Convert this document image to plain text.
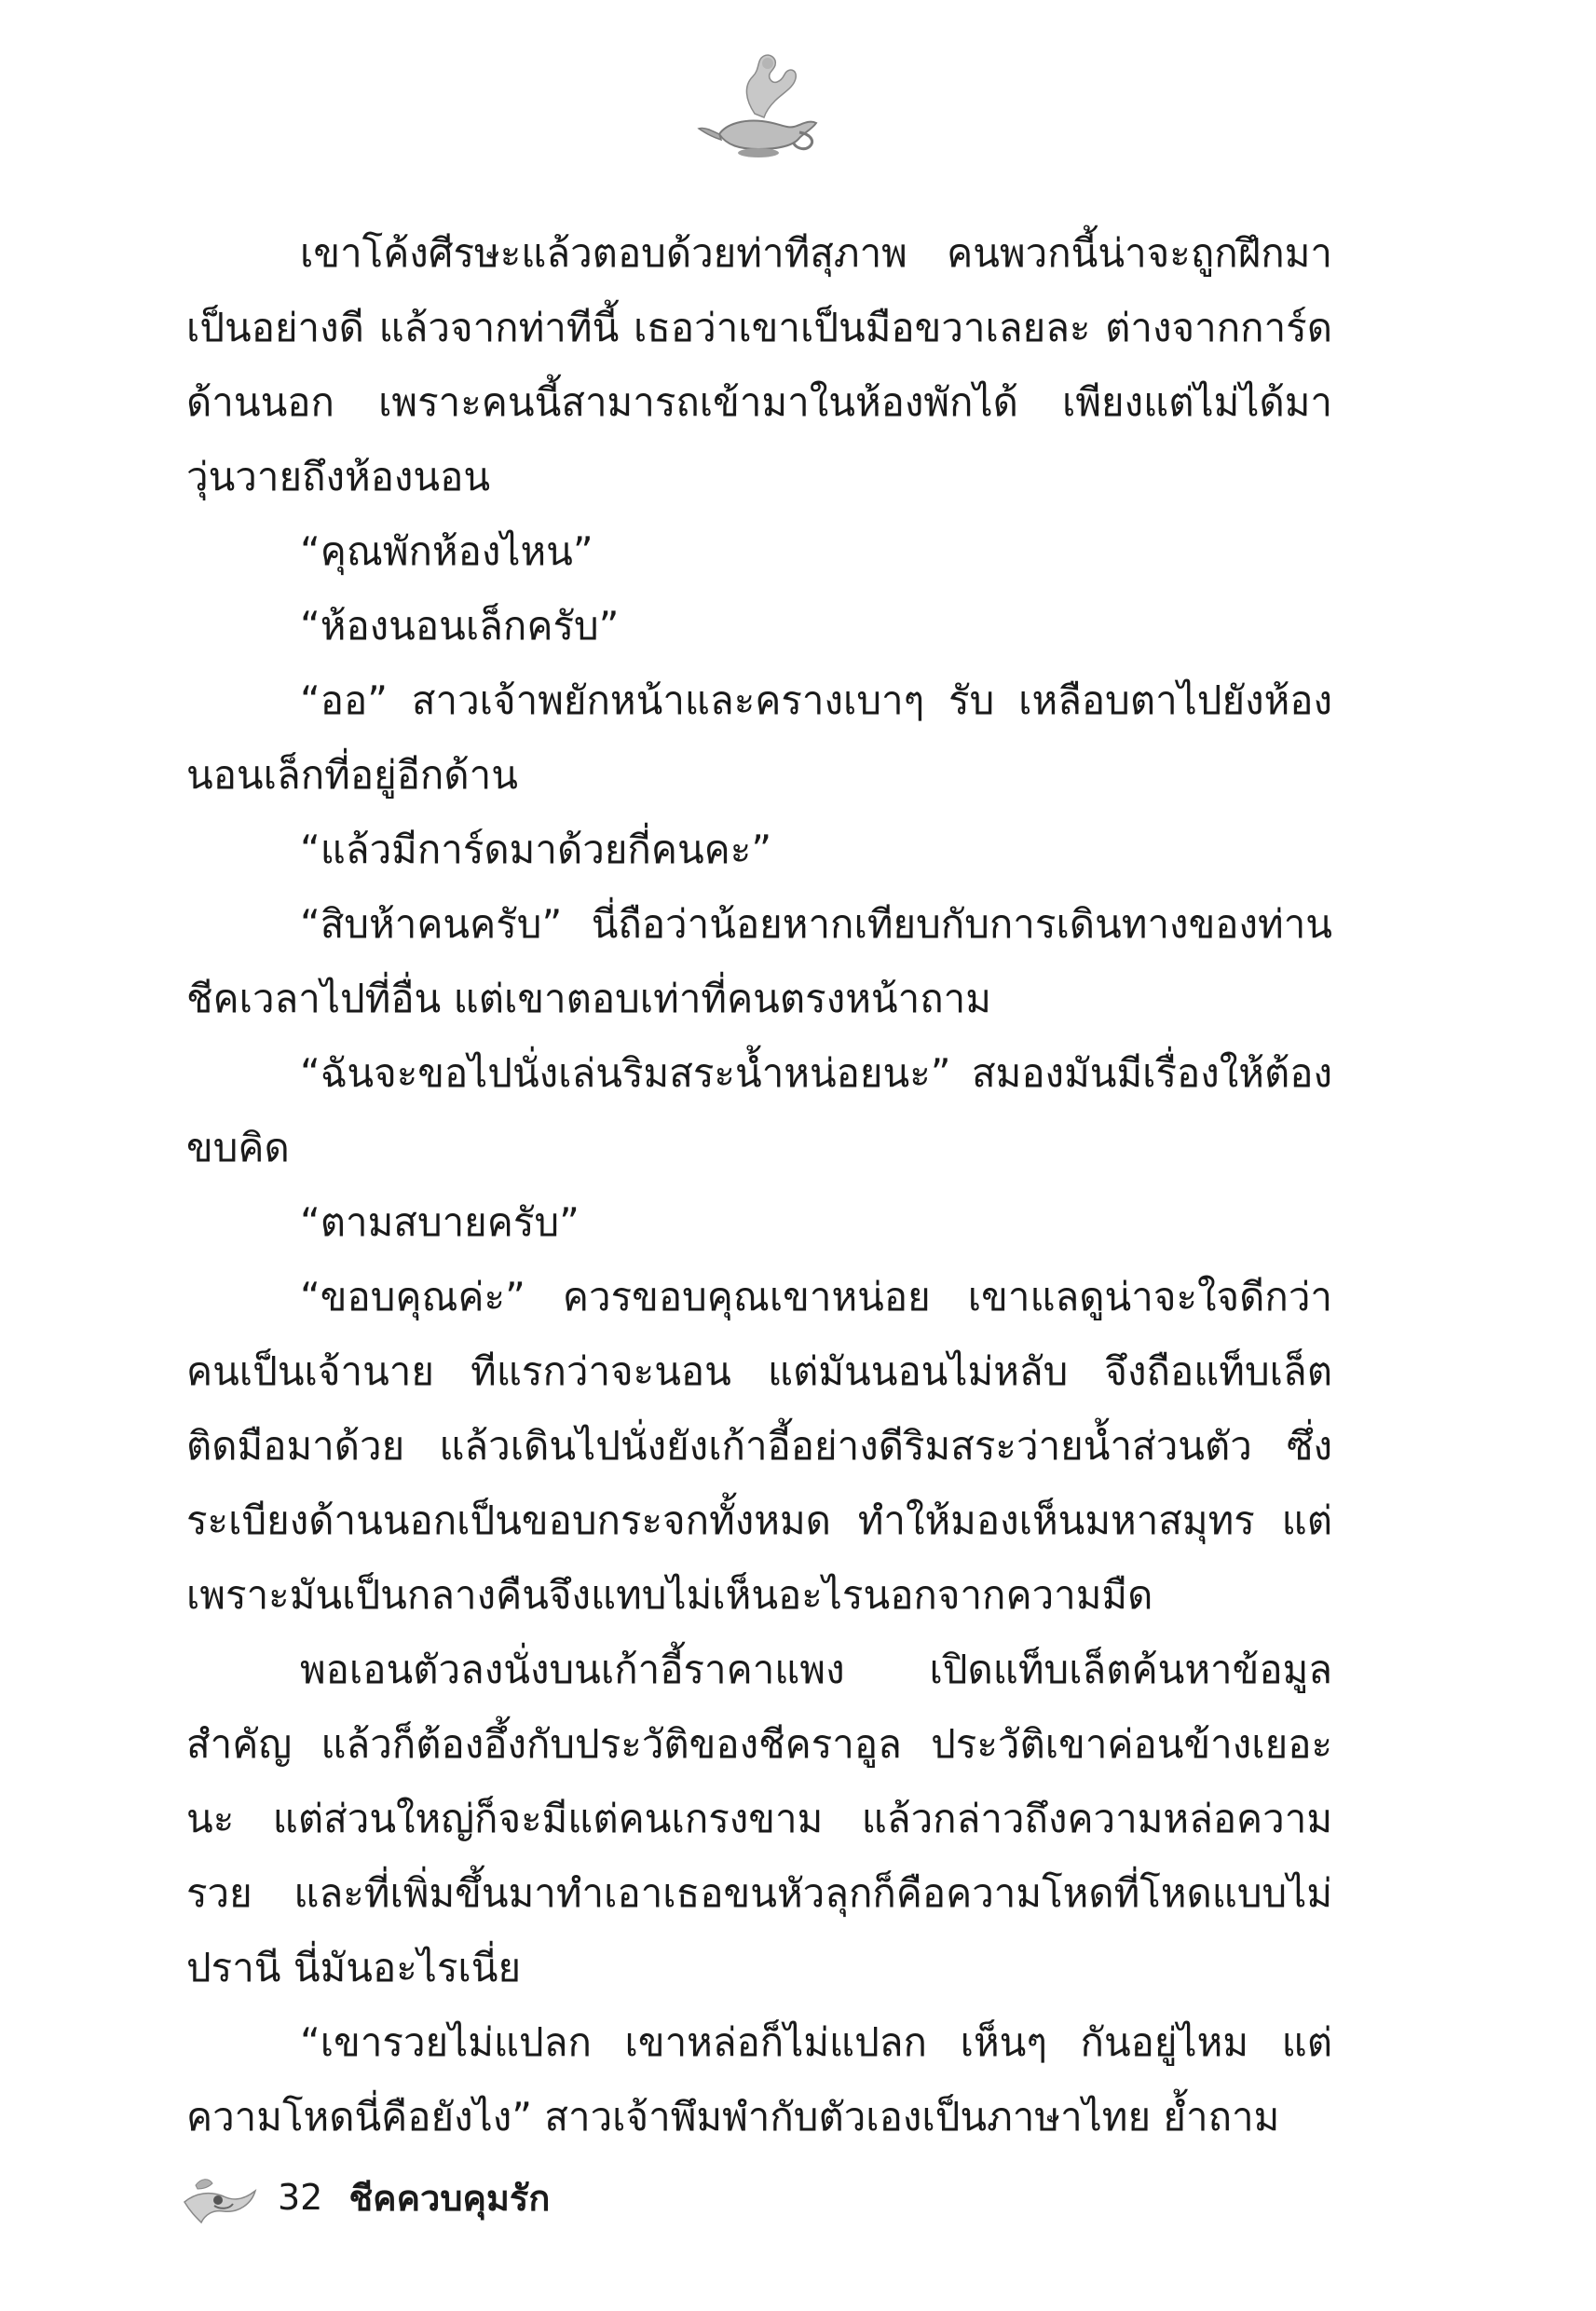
เขาโค้งศีรษะแล้วตอบด้วยท่าทีสุภาพ คนพวกนี้น่าจะถูกฝึกมาเป็นอย่างดี แล้วจากท่าทีนี้ เธอว่าเขาเป็นมือขวาเลยละ ต่างจากการ์ดด้านนอก เพราะคนนี้สามารถเข้ามาในห้องพักได้ เพียงแต่ไม่ได้มาวุ่นวายถึงห้องนอน

“คุณพักห้องไหน”

“ห้องนอนเล็กครับ”

“ออ” สาวเจ้าพยักหน้าและครางเบาๆ รับ เหลือบตาไปยังห้องนอนเล็กที่อยู่อีกด้าน

“แล้วมีการ์ดมาด้วยกี่คนคะ”

“สิบห้าคนครับ” นี่ถือว่าน้อยหากเทียบกับการเดินทางของท่านชีคเวลาไปที่อื่น แต่เขาตอบเท่าที่คนตรงหน้าถาม

“ฉันจะขอไปนั่งเล่นริมสระน้ำหน่อยนะ” สมองมันมีเรื่องให้ต้องขบคิด

“ตามสบายครับ”

“ขอบคุณค่ะ” ควรขอบคุณเขาหน่อย เขาแลดูน่าจะใจดีกว่าคนเป็นเจ้านาย ทีแรกว่าจะนอน แต่มันนอนไม่หลับ จึงถือแท็บเล็ตติดมือมาด้วย แล้วเดินไปนั่งยังเก้าอี้อย่างดีริมสระว่ายน้ำส่วนตัว ซึ่งระเบียงด้านนอกเป็นขอบกระจกทั้งหมด ทำให้มองเห็นมหาสมุทร แต่เพราะมันเป็นกลางคืนจึงแทบไม่เห็นอะไรนอกจากความมืด

พอเอนตัวลงนั่งบนเก้าอี้ราคาแพง เปิดแท็บเล็ตค้นหาข้อมูลสำคัญ แล้วก็ต้องอึ้งกับประวัติของชีคราอูล ประวัติเขาค่อนข้างเยอะนะ แต่ส่วนใหญ่ก็จะมีแต่คนเกรงขาม แล้วกล่าวถึงความหล่อความรวย และที่เพิ่มขึ้นมาทำเอาเธอขนหัวลุกก็คือความโหดที่โหดแบบไม่ปรานี นี่มันอะไรเนี่ย

“เขารวยไม่แปลก เขาหล่อก็ไม่แปลก เห็นๆ กันอยู่ไหม แต่ความโหดนี่คือยังไง” สาวเจ้าพึมพำกับตัวเองเป็นภาษาไทย ย้ำถาม

32 ชีคควบคุมรัก
